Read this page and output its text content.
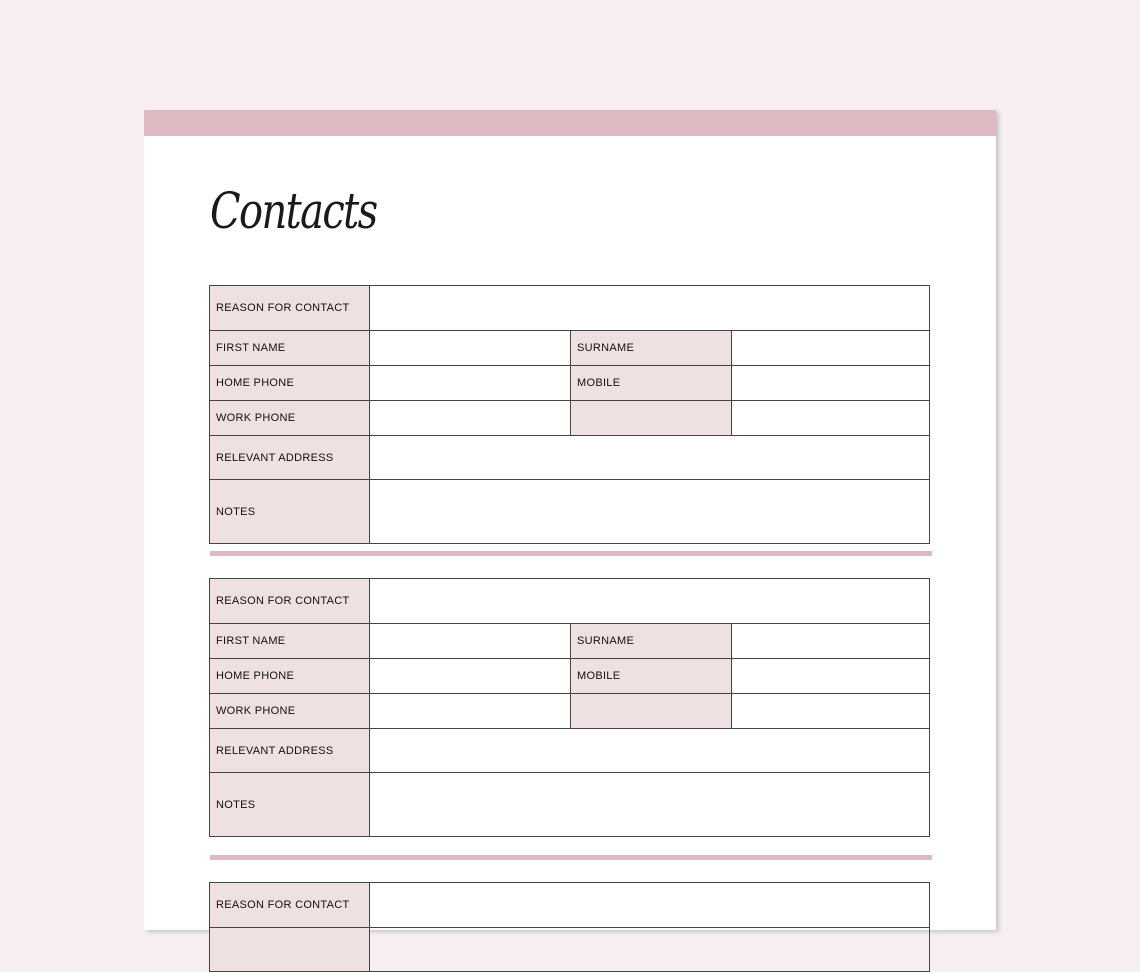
Contacts
REASON FOR CONTACT
FIRST NAME	SURNAME
HOME PHONE	MOBILE
WORK PHONE
RELEVANT ADDRESS
NOTES
REASON FOR CONTACT
FIRST NAME	SURNAME
HOME PHONE	MOBILE
WORK PHONE
RELEVANT ADDRESS
NOTES
REASON FOR CONTACT
